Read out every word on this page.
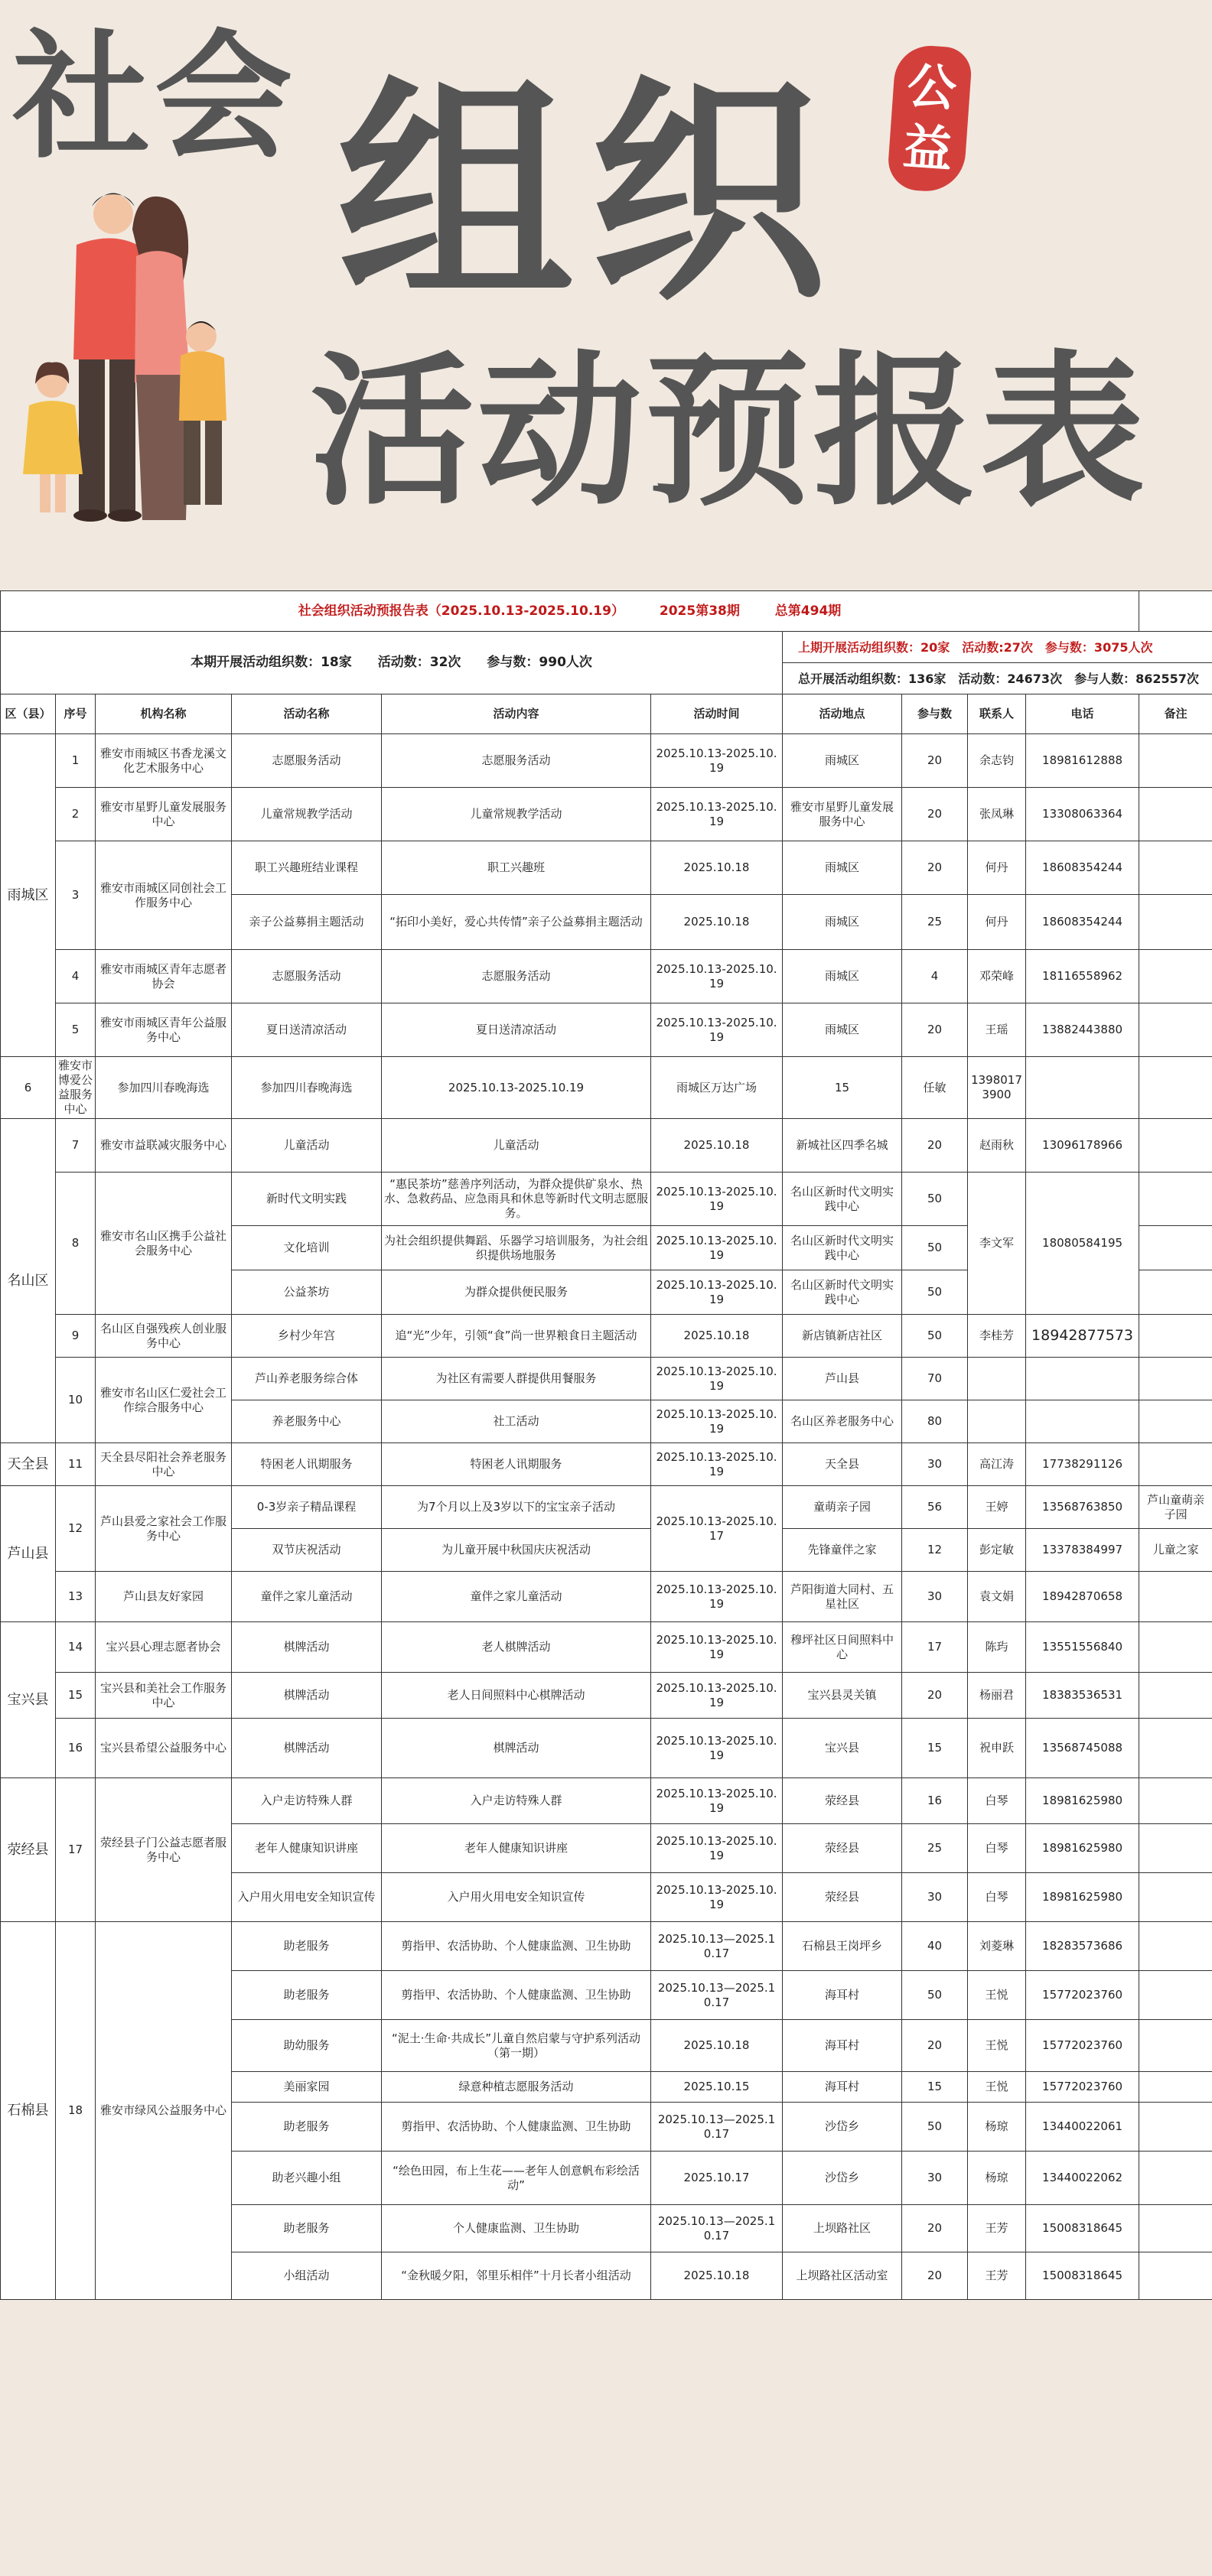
社会 组织
活动预报表
公
益
社会组织活动预报告表（2025.10.13-2025.10.19） 2025第38期 总第494期										
本期开展活动组织数：18家　　活动数：32次　　参与数：990人次						上期开展活动组织数：20家　活动数:27次　参与数：3075人次				
						总开展活动组织数：136家　活动数：24673次　参与人数：862557次				
区（县）	序号	机构名称	活动名称	活动内容	活动时间	活动地点	参与数	联系人	电话	备注
雨城区	1	雅安市雨城区书香龙溪文化艺术服务中心	志愿服务活动	志愿服务活动	2025.10.13-2025.10.19	雨城区	20	余志钧	18981612888	
	2	雅安市星野儿童发展服务中心	儿童常规教学活动	儿童常规教学活动	2025.10.13-2025.10.19	雅安市星野儿童发展服务中心	20	张凤琳	13308063364	
	3	雅安市雨城区同创社会工作服务中心	职工兴趣班结业课程	职工兴趣班	2025.10.18	雨城区	20	何丹	18608354244	
			亲子公益募捐主题活动	“拓印小美好，爱心共传情”亲子公益募捐主题活动	2025.10.18	雨城区	25	何丹	18608354244	
	4	雅安市雨城区青年志愿者协会	志愿服务活动	志愿服务活动	2025.10.13-2025.10.19	雨城区	4	邓荣峰	18116558962	
	5	雅安市雨城区青年公益服务中心	夏日送清凉活动	夏日送清凉活动	2025.10.13-2025.10.19	雨城区	20	王瑶	13882443880	
6	雅安市博爱公益服务中心	参加四川春晚海选	参加四川春晚海选	2025.10.13-2025.10.19	雨城区万达广场	15	任敏	13980173900		
名山区	7	雅安市益联减灾服务中心	儿童活动	儿童活动	2025.10.18	新城社区四季名城	20	赵雨秋	13096178966	
	8	雅安市名山区携手公益社会服务中心	新时代文明实践	“惠民茶坊”慈善序列活动，为群众提供矿泉水、热水、急救药品、应急雨具和休息等新时代文明志愿服务。	2025.10.13-2025.10.19	名山区新时代文明实践中心	50	李文军	18080584195	
			文化培训	为社会组织提供舞蹈、乐器学习培训服务，为社会组织提供场地服务	2025.10.13-2025.10.19	名山区新时代文明实践中心	50			
			公益茶坊	为群众提供便民服务	2025.10.13-2025.10.19	名山区新时代文明实践中心	50			
	9	名山区自强残疾人创业服务中心	乡村少年宫	追“光”少年，引领“食”尚一世界粮食日主题活动	2025.10.18	新店镇新店社区	50	李桂芳	18942877573	
	10	雅安市名山区仁爱社会工作综合服务中心	芦山养老服务综合体	为社区有需要人群提供用餐服务	2025.10.13-2025.10.19	芦山县	70			
			养老服务中心	社工活动	2025.10.13-2025.10.19	名山区养老服务中心	80			
天全县	11	天全县尽阳社会养老服务中心	特困老人讯期服务	特困老人讯期服务	2025.10.13-2025.10.19	天全县	30	高江涛	17738291126	
芦山县	12	芦山县爱之家社会工作服务中心	0-3岁亲子精品课程	为7个月以上及3岁以下的宝宝亲子活动	2025.10.13-2025.10.17	童萌亲子园	56	王婷	13568763850	芦山童萌亲子园
			双节庆祝活动	为儿童开展中秋国庆庆祝活动		先锋童伴之家	12	彭定敏	13378384997	儿童之家
	13	芦山县友好家园	童伴之家儿童活动	童伴之家儿童活动	2025.10.13-2025.10.19	芦阳街道大同村、五星社区	30	袁文娟	18942870658	
宝兴县	14	宝兴县心理志愿者协会	棋牌活动	老人棋牌活动	2025.10.13-2025.10.19	穆坪社区日间照料中心	17	陈玙	13551556840	
	15	宝兴县和美社会工作服务中心	棋牌活动	老人日间照料中心棋牌活动	2025.10.13-2025.10.19	宝兴县灵关镇	20	杨丽君	18383536531	
	16	宝兴县希望公益服务中心	棋牌活动	棋牌活动	2025.10.13-2025.10.19	宝兴县	15	祝申跃	13568745088	
荥经县	17	荥经县子门公益志愿者服务中心	入户走访特殊人群	入户走访特殊人群	2025.10.13-2025.10.19	荥经县	16	白琴	18981625980	
			老年人健康知识讲座	老年人健康知识讲座	2025.10.13-2025.10.19	荥经县	25	白琴	18981625980	
			入户用火用电安全知识宣传	入户用火用电安全知识宣传	2025.10.13-2025.10.19	荥经县	30	白琴	18981625980	
石棉县	18	雅安市绿风公益服务中心	助老服务	剪指甲、农活协助、个人健康监测、卫生协助	2025.10.13—2025.10.17	石棉县王岗坪乡	40	刘菱琳	18283573686	
			助老服务	剪指甲、农活协助、个人健康监测、卫生协助	2025.10.13—2025.10.17	海耳村	50	王悦	15772023760	
			助幼服务	“泥土·生命·共成长”儿童自然启蒙与守护系列活动（第一期）	2025.10.18	海耳村	20	王悦	15772023760	
			美丽家园	绿意种植志愿服务活动	2025.10.15	海耳村	15	王悦	15772023760	
			助老服务	剪指甲、农活协助、个人健康监测、卫生协助	2025.10.13—2025.10.17	沙岱乡	50	杨琼	13440022061	
			助老兴趣小组	“绘色田园，布上生花——老年人创意帆布彩绘活动”	2025.10.17	沙岱乡	30	杨琼	13440022062	
			助老服务	个人健康监测、卫生协助	2025.10.13—2025.10.17	上坝路社区	20	王芳	15008318645	
			小组活动	“金秋暖夕阳，邻里乐相伴”十月长者小组活动	2025.10.18	上坝路社区活动室	20	王芳	15008318645	
